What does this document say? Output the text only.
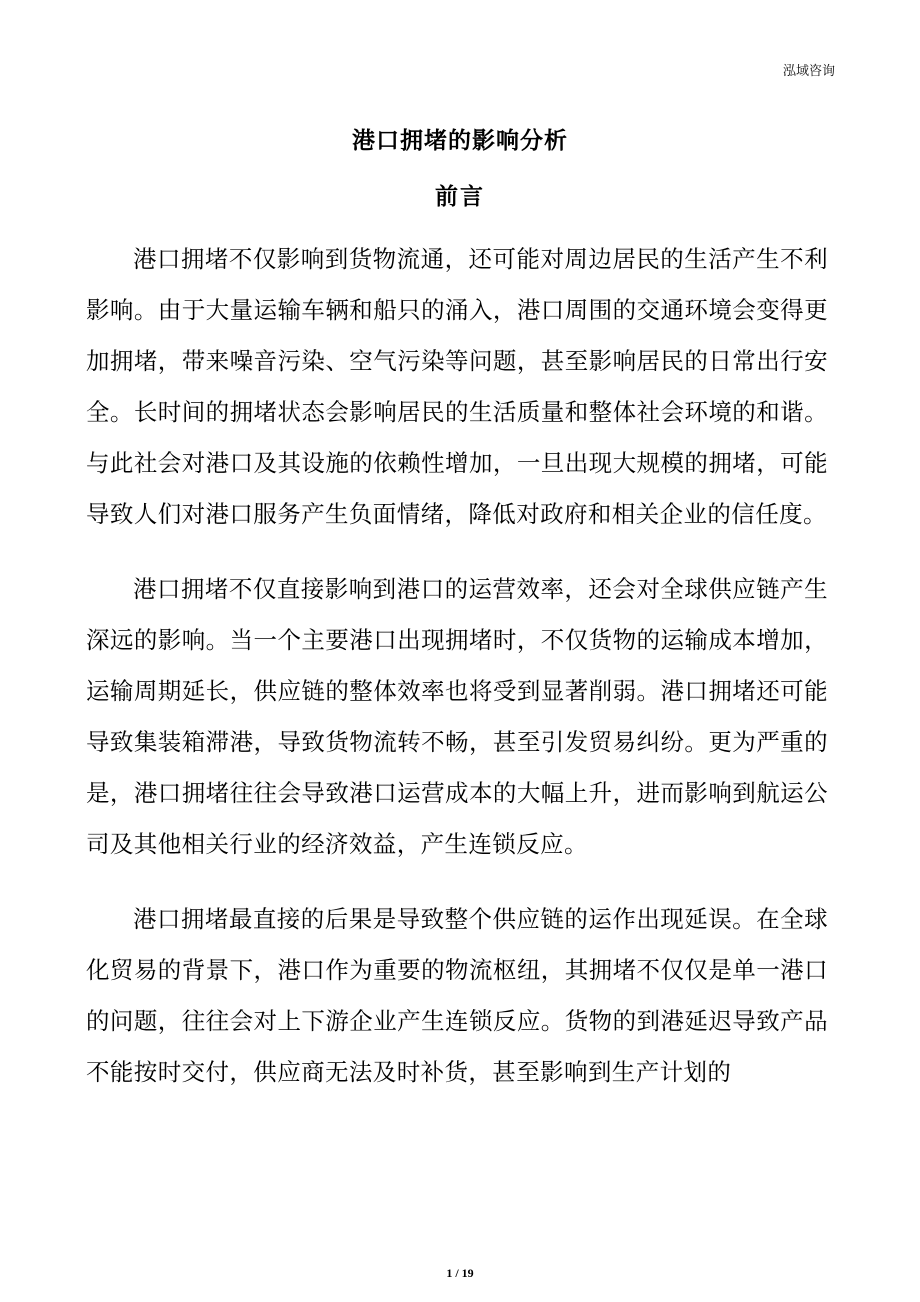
泓域咨询
港口拥堵的影响分析
前言

港口拥堵不仅影响到货物流通，还可能对周边居民的生活产生不利影响。由于大量运输车辆和船只的涌入，港口周围的交通环境会变得更加拥堵，带来噪音污染、空气污染等问题，甚至影响居民的日常出行安全。长时间的拥堵状态会影响居民的生活质量和整体社会环境的和谐。与此社会对港口及其设施的依赖性增加，一旦出现大规模的拥堵，可能导致人们对港口服务产生负面情绪，降低对政府和相关企业的信任度。

港口拥堵不仅直接影响到港口的运营效率，还会对全球供应链产生深远的影响。当一个主要港口出现拥堵时，不仅货物的运输成本增加，运输周期延长，供应链的整体效率也将受到显著削弱。港口拥堵还可能导致集装箱滞港，导致货物流转不畅，甚至引发贸易纠纷。更为严重的是，港口拥堵往往会导致港口运营成本的大幅上升，进而影响到航运公司及其他相关行业的经济效益，产生连锁反应。

港口拥堵最直接的后果是导致整个供应链的运作出现延误。在全球化贸易的背景下，港口作为重要的物流枢纽，其拥堵不仅仅是单一港口的问题，往往会对上下游企业产生连锁反应。货物的到港延迟导致产品不能按时交付，供应商无法及时补货，甚至影响到生产计划的

1 / 19
